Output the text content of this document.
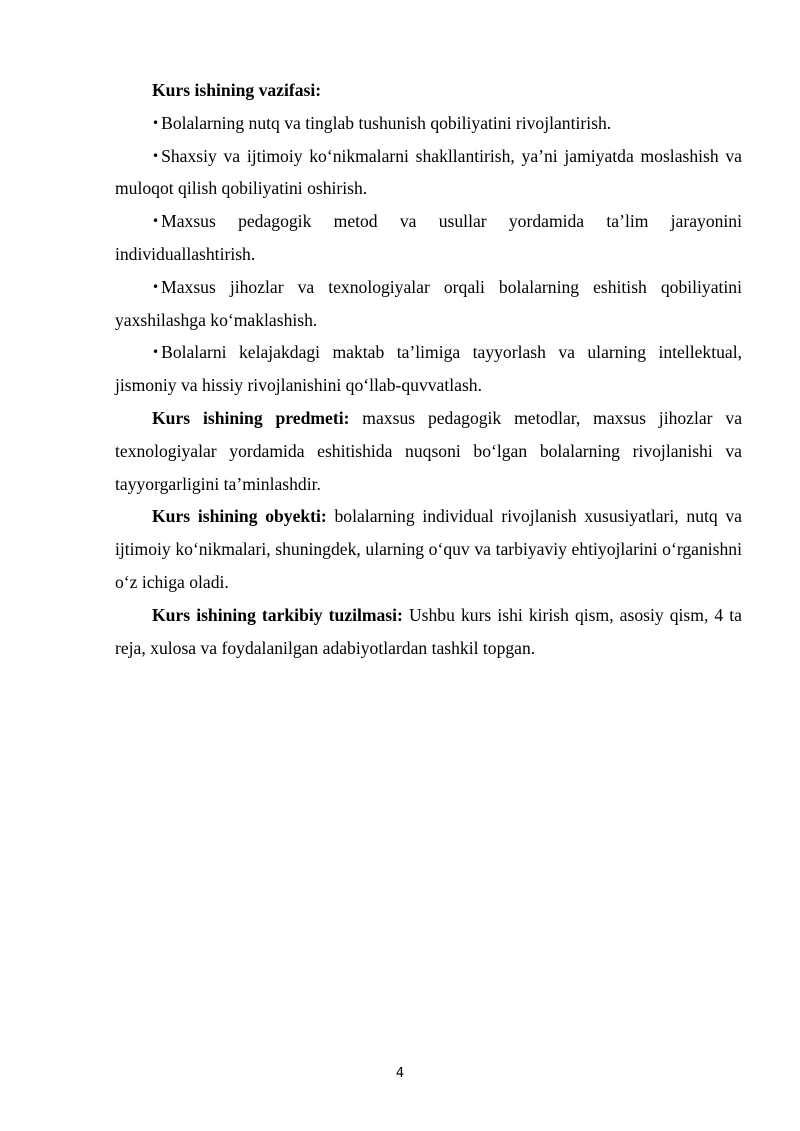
Kurs ishining vazifasi:

• Bolalarning nutq va tinglab tushunish qobiliyatini rivojlantirish.

• Shaxsiy va ijtimoiy ko‘nikmalarni shakllantirish, ya’ni jamiyatda moslashish va muloqot qilish qobiliyatini oshirish.

• Maxsus pedagogik metod va usullar yordamida ta’lim jarayonini individuallashtirish.

• Maxsus jihozlar va texnologiyalar orqali bolalarning eshitish qobiliyatini yaxshilashga ko‘maklashish.

• Bolalarni kelajakdagi maktab ta’limiga tayyorlash va ularning intellektual, jismoniy va hissiy rivojlanishini qo‘llab-quvvatlash.

Kurs ishining predmeti: maxsus pedagogik metodlar, maxsus jihozlar va texnologiyalar yordamida eshitishida nuqsoni bo‘lgan bolalarning rivojlanishi va tayyorgarligini ta’minlashdir.

Kurs ishining obyekti: bolalarning individual rivojlanish xususiyatlari, nutq va ijtimoiy ko‘nikmalari, shuningdek, ularning o‘quv va tarbiyaviy ehtiyojlarini o‘rganishni o‘z ichiga oladi.

Kurs ishining tarkibiy tuzilmasi: Ushbu kurs ishi kirish qism, asosiy qism, 4 ta reja, xulosa va foydalanilgan adabiyotlardan tashkil topgan.

4
